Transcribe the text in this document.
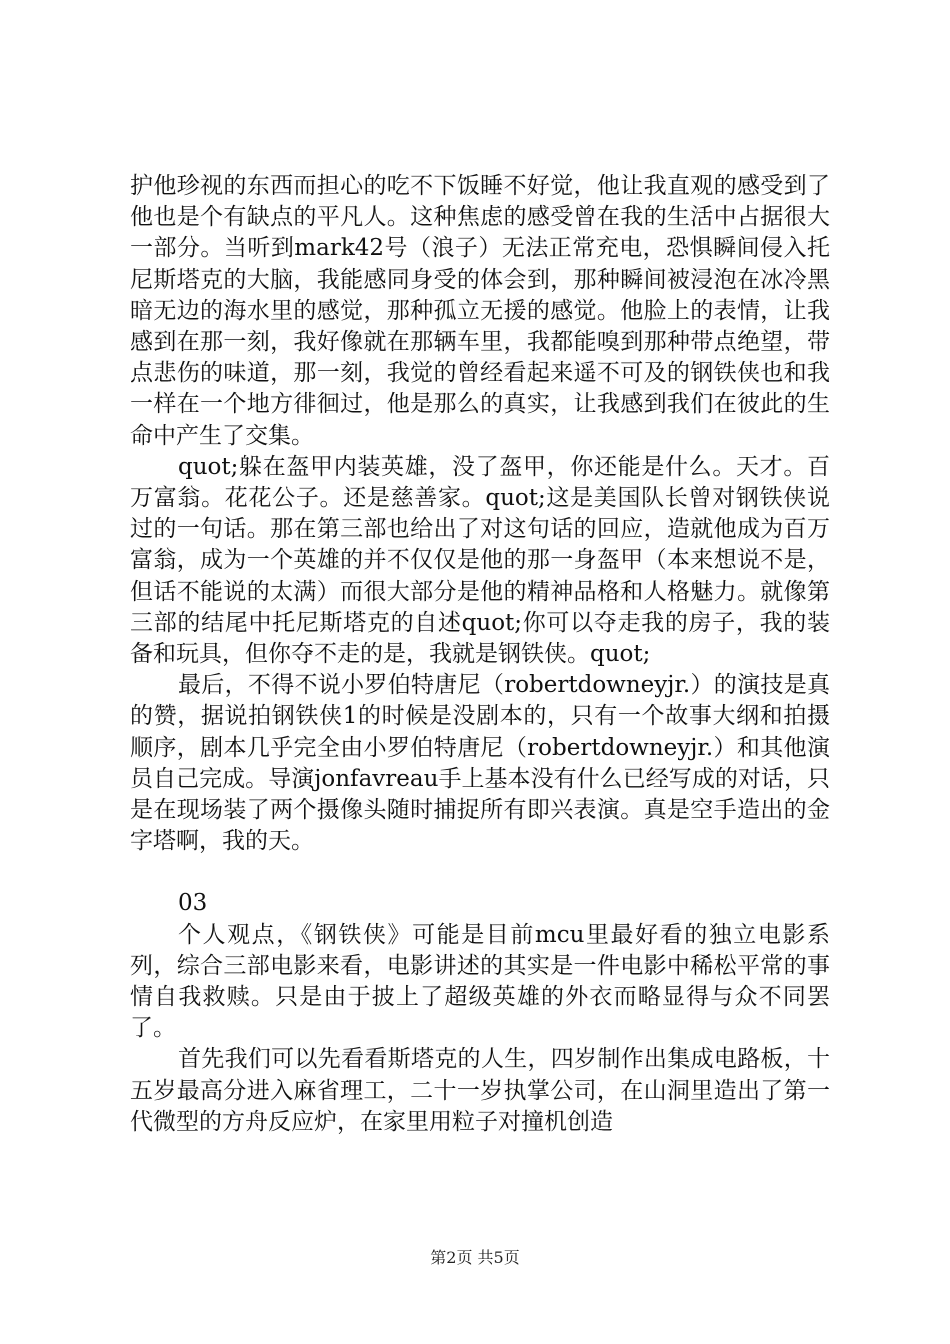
护他珍视的东西而担心的吃不下饭睡不好觉，他让我直观的感受到了他也是个有缺点的平凡人。这种焦虑的感受曾在我的生活中占据很大一部分。当听到mark42号（浪子）无法正常充电，恐惧瞬间侵入托尼斯塔克的大脑，我能感同身受的体会到，那种瞬间被浸泡在冰冷黑暗无边的海水里的感觉，那种孤立无援的感觉。他脸上的表情，让我感到在那一刻，我好像就在那辆车里，我都能嗅到那种带点绝望，带点悲伤的味道，那一刻，我觉的曾经看起来遥不可及的钢铁侠也和我一样在一个地方徘徊过，他是那么的真实，让我感到我们在彼此的生命中产生了交集。

quot;躲在盔甲内装英雄，没了盔甲，你还能是什么。天才。百万富翁。花花公子。还是慈善家。quot;这是美国队长曾对钢铁侠说过的一句话。那在第三部也给出了对这句话的回应，造就他成为百万富翁，成为一个英雄的并不仅仅是他的那一身盔甲（本来想说不是，但话不能说的太满）而很大部分是他的精神品格和人格魅力。就像第三部的结尾中托尼斯塔克的自述quot;你可以夺走我的房子，我的装备和玩具，但你夺不走的是，我就是钢铁侠。quot;

最后，不得不说小罗伯特唐尼（robertdowneyjr.）的演技是真的赞，据说拍钢铁侠1的时候是没剧本的，只有一个故事大纲和拍摄顺序，剧本几乎完全由小罗伯特唐尼（robertdowneyjr.）和其他演员自己完成。导演jonfavreau手上基本没有什么已经写成的对话，只是在现场装了两个摄像头随时捕捉所有即兴表演。真是空手造出的金字塔啊，我的天。

03

个人观点，《钢铁侠》可能是目前mcu里最好看的独立电影系列，综合三部电影来看，电影讲述的其实是一件电影中稀松平常的事情自我救赎。只是由于披上了超级英雄的外衣而略显得与众不同罢了。

首先我们可以先看看斯塔克的人生，四岁制作出集成电路板，十五岁最高分进入麻省理工，二十一岁执掌公司，在山洞里造出了第一代微型的方舟反应炉，在家里用粒子对撞机创造

第2页 共5页
